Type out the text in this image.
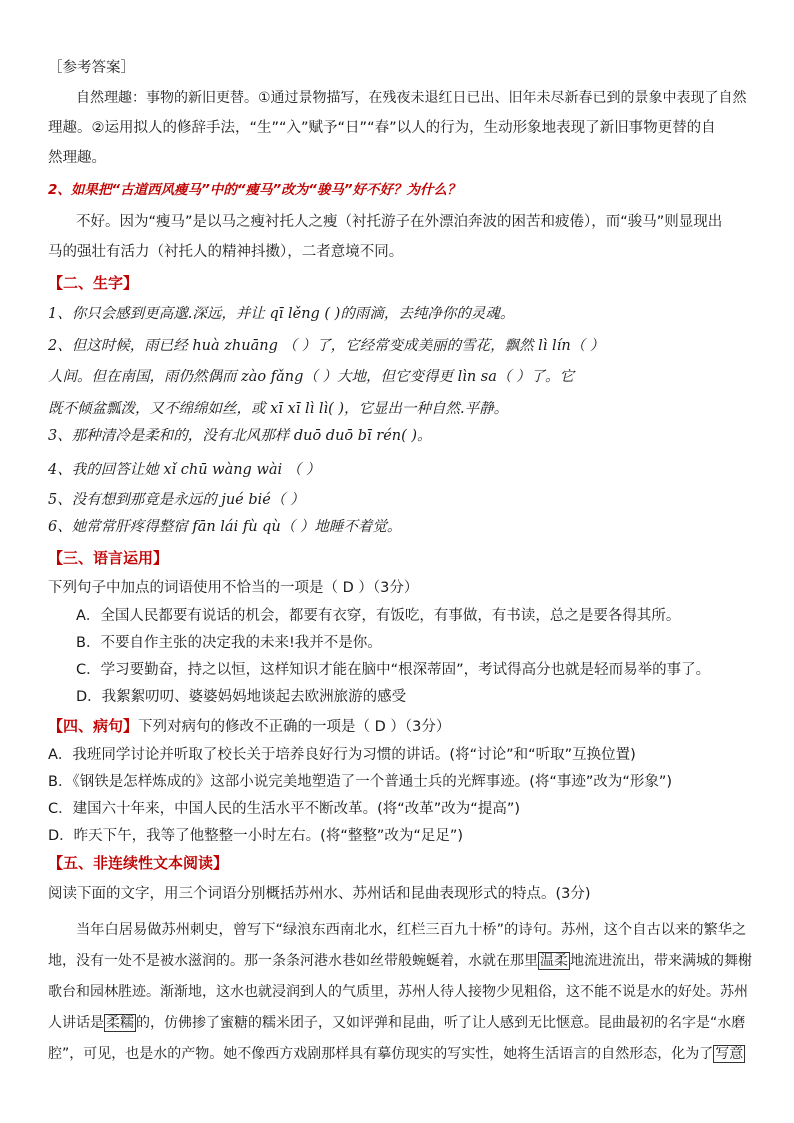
［参考答案］
自然理趣：事物的新旧更替。①通过景物描写，在残夜未退红日已出、旧年未尽新春已到的景象中表现了自然
理趣。②运用拟人的修辞手法，“生”“入”赋予“日”“春”以人的行为，生动形象地表现了新旧事物更替的自
然理趣。
2、如果把“古道西风瘦马”中的“瘦马”改为“骏马”好不好？为什么？
不好。因为“瘦马”是以马之瘦衬托人之瘦（衬托游子在外漂泊奔波的困苦和疲倦），而“骏马”则显现出
马的强壮有活力（衬托人的精神抖擞），二者意境不同。
【二、生字】
1、你只会感到更高邈.深远，并让 qī lěng ( )的雨滴，去纯净你的灵魂。
2、但这时候，雨已经 huà zhuāng （ ）了，它经常变成美丽的雪花，飘然 lì lín（ ）
人间。但在南国，雨仍然偶而 zào fǎng（ ）大地，但它变得更 lìn sa（ ）了。它
既不倾盆瓢泼，又不绵绵如丝，或 xī xī lì lì( )，它显出一种自然.平静。
3、那种清冷是柔和的，没有北风那样 duō duō bī rén( )。
4、我的回答让她 xǐ chū wàng wài （ ）
5、没有想到那竟是永远的 jué bié（ ）
6、她常常肝疼得整宿 fān lái fù qù（ ）地睡不着觉。
【三、语言运用】
下列句子中加点的词语使用不恰当的一项是（ D ）（3分）
A．全国人民都要有说话的机会，都要有衣穿，有饭吃，有事做，有书读，总之是要各得其所。
B．不要自作主张的决定我的未来!我并不是你。
C．学习要勤奋，持之以恒，这样知识才能在脑中“根深蒂固”，考试得高分也就是轻而易举的事了。
D．我絮絮叨叨、婆婆妈妈地谈起去欧洲旅游的感受
【四、病句】下列对病句的修改不正确的一项是（ D ）（3分）
A．我班同学讨论并听取了校长关于培养良好行为习惯的讲话。(将“讨论”和“听取”互换位置)
B．《钢铁是怎样炼成的》这部小说完美地塑造了一个普通士兵的光辉事迹。(将“事迹”改为“形象”)
C．建国六十年来，中国人民的生活水平不断改革。(将“改革”改为“提高”)
D．昨天下午，我等了他整整一小时左右。(将“整整”改为“足足”)
【五、非连续性文本阅读】
阅读下面的文字，用三个词语分别概括苏州水、苏州话和昆曲表现形式的特点。(3分)
当年白居易做苏州刺史，曾写下“绿浪东西南北水，红栏三百九十桥”的诗句。苏州，这个自古以来的繁华之
地，没有一处不是被水滋润的。那一条条河港水巷如丝带般蜿蜒着，水就在那里 温柔 地流进流出，带来满城的舞榭
歌台和园林胜迹。渐渐地，这水也就浸润到人的气质里，苏州人待人接物少见粗俗，这不能不说是水的好处。苏州
人讲话是 柔糯 的，仿佛掺了蜜糖的糯米团子，又如评弹和昆曲，听了让人感到无比惬意。昆曲最初的名字是“水磨
腔”，可见，也是水的产物。她不像西方戏剧那样具有摹仿现实的写实性，她将生活语言的自然形态，化为了 写意
